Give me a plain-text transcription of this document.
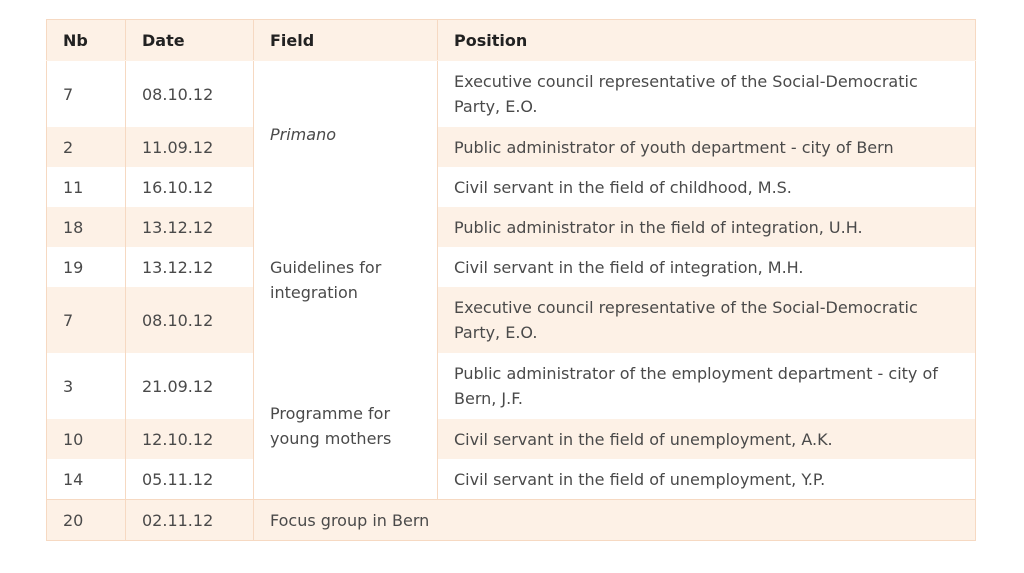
Nb	Date	Field	Position
7	08.10.12	Primano	Executive council representative of the Social-Democratic Party, E.O.
2	11.09.12		Public administrator of youth department - city of Bern
11	16.10.12		Civil servant in the field of childhood, M.S.
18	13.12.12	Guidelines for integration	Public administrator in the field of integration, U.H.
19	13.12.12		Civil servant in the field of integration, M.H.
7	08.10.12		Executive council representative of the Social-Democratic Party, E.O.
3	21.09.12	Programme for young mothers	Public administrator of the employment department - city of Bern, J.F.
10	12.10.12		Civil servant in the field of unemployment, A.K.
14	05.11.12		Civil servant in the field of unemployment, Y.P.
20	02.11.12	Focus group in Bern	
